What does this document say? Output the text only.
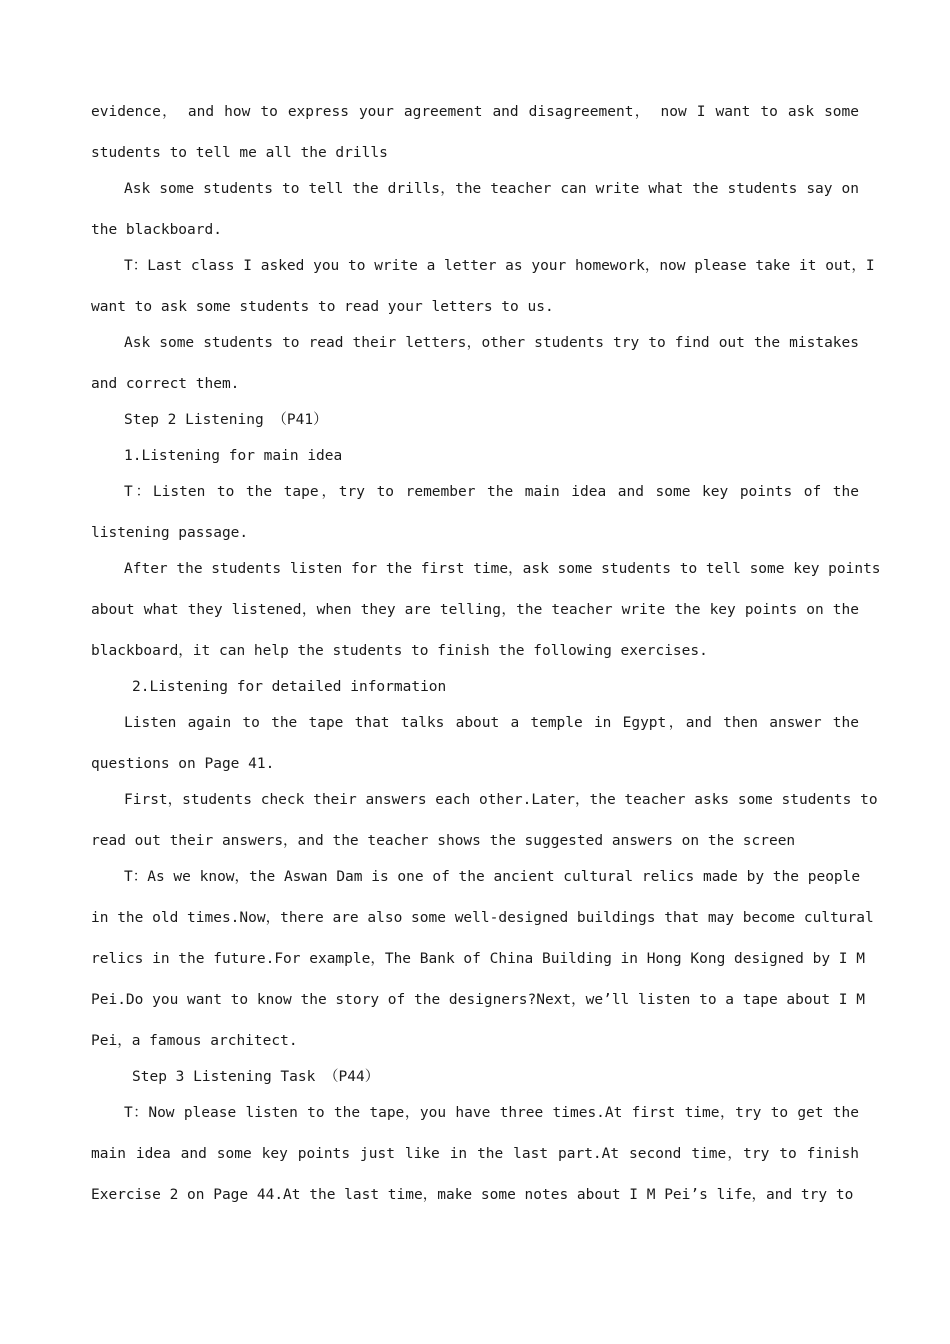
evidence， and how to express your agreement and disagreement， now I want to ask some
students to tell me all the drills
Ask some students to tell the drills，the teacher can write what the students say on
the blackboard.
T：Last class I asked you to write a letter as your homework，now please take it out，I
want to ask some students to read your letters to us.
Ask some students to read their letters，other students try to find out the mistakes
and correct them.
Step 2 Listening （P41）
1.Listening for main idea
T：Listen to the tape，try to remember the main idea and some key points of the
listening passage.
After the students listen for the first time，ask some students to tell some key points
about what they listened，when they are telling，the teacher write the key points on the
blackboard，it can help the students to finish the following exercises.
2.Listening for detailed information
Listen again to the tape that talks about a temple in Egypt，and then answer the
questions on Page 41.
First，students check their answers each other.Later，the teacher asks some students to
read out their answers，and the teacher shows the suggested answers on the screen
T：As we know，the Aswan Dam is one of the ancient cultural relics made by the people
in the old times.Now，there are also some well-designed buildings that may become cultural
relics in the future.For example，The Bank of China Building in Hong Kong designed by I M
Pei.Do you want to know the story of the designers?Next，we’ll listen to a tape about I M
Pei，a famous architect.
Step 3 Listening Task （P44）
T：Now please listen to the tape，you have three times.At first time，try to get the
main idea and some key points just like in the last part.At second time，try to finish
Exercise 2 on Page 44.At the last time，make some notes about I M Pei’s life，and try to
